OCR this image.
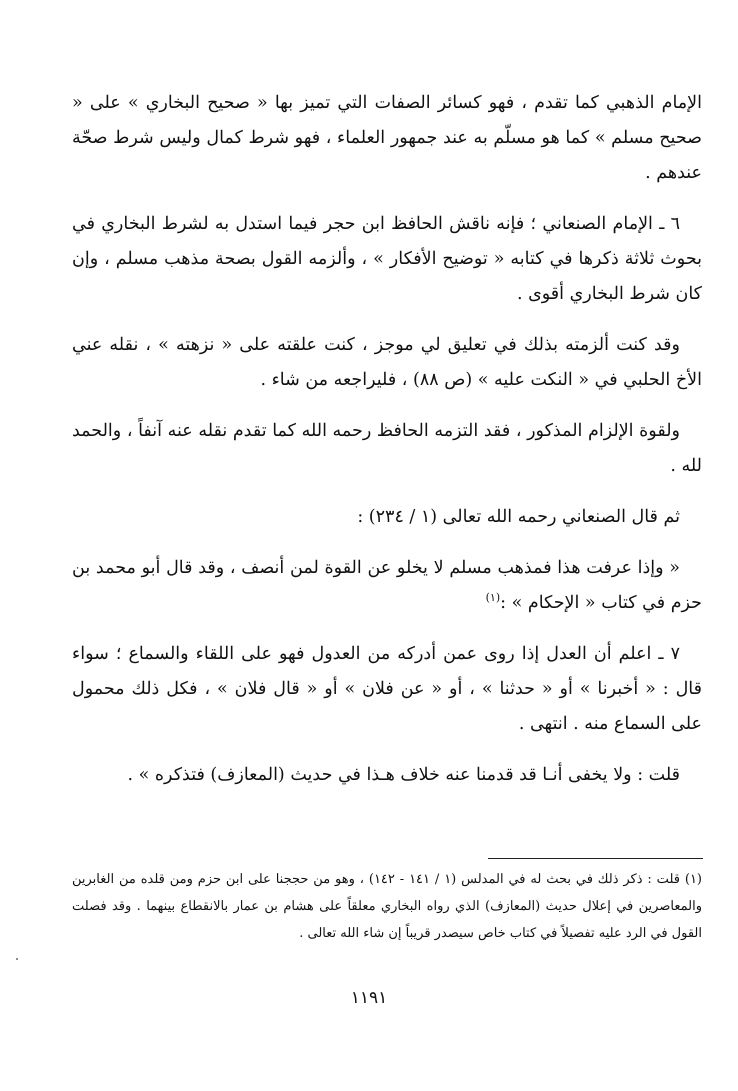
الإمام الذهبي كما تقدم ، فهو كسائر الصفات التي تميز بها « صحيح البخاري » على « صحيح مسلم » كما هو مسلّم به عند جمهور العلماء ، فهو شرط كمال وليس شرط صحّة عندهم .

٦ ـ الإمام الصنعاني ؛ فإنه ناقش الحافظ ابن حجر فيما استدل به لشرط البخاري في بحوث ثلاثة ذكرها في كتابه « توضيح الأفكار » ، وألزمه القول بصحة مذهب مسلم ، وإن كان شرط البخاري أقوى .

وقد كنت ألزمته بذلك في تعليق لي موجز ، كنت علقته على « نزهته » ، نقله عني الأخ الحلبي في « النكت عليه » (ص ٨٨) ، فليراجعه من شاء .

ولقوة الإلزام المذكور ، فقد التزمه الحافظ رحمه الله كما تقدم نقله عنه آنفاً ، والحمد لله .

ثم قال الصنعاني رحمه الله تعالى (١ / ٢٣٤) :

« وإذا عرفت هذا فمذهب مسلم لا يخلو عن القوة لمن أنصف ، وقد قال أبو محمد بن حزم في كتاب « الإحكام » :$^{(١)}$

٧ ـ اعلم أن العدل إذا روى عمن أدركه من العدول فهو على اللقاء والسماع ؛ سواء قال : « أخبرنا » أو « حدثنا » ، أو « عن فلان » أو « قال فلان » ، فكل ذلك محمول على السماع منه . انتهى .

قلت : ولا يخفى أنـا قد قدمنا عنه خلاف هـذا في حديث (المعازف) فتذكره » .

(١) قلت : ذكر ذلك في بحث له في المدلس (١ / ١٤١ - ١٤٢) ، وهو من حججنا على ابن حزم ومن قلده من الغابرين والمعاصرين في إعلال حديث (المعازف) الذي رواه البخاري معلقاً على هشام بن عمار بالانقطاع بينهما . وقد فصلت القول في الرد عليه تفصيلاً في كتاب خاص سيصدر قريباً إن شاء الله تعالى .

١١٩١
